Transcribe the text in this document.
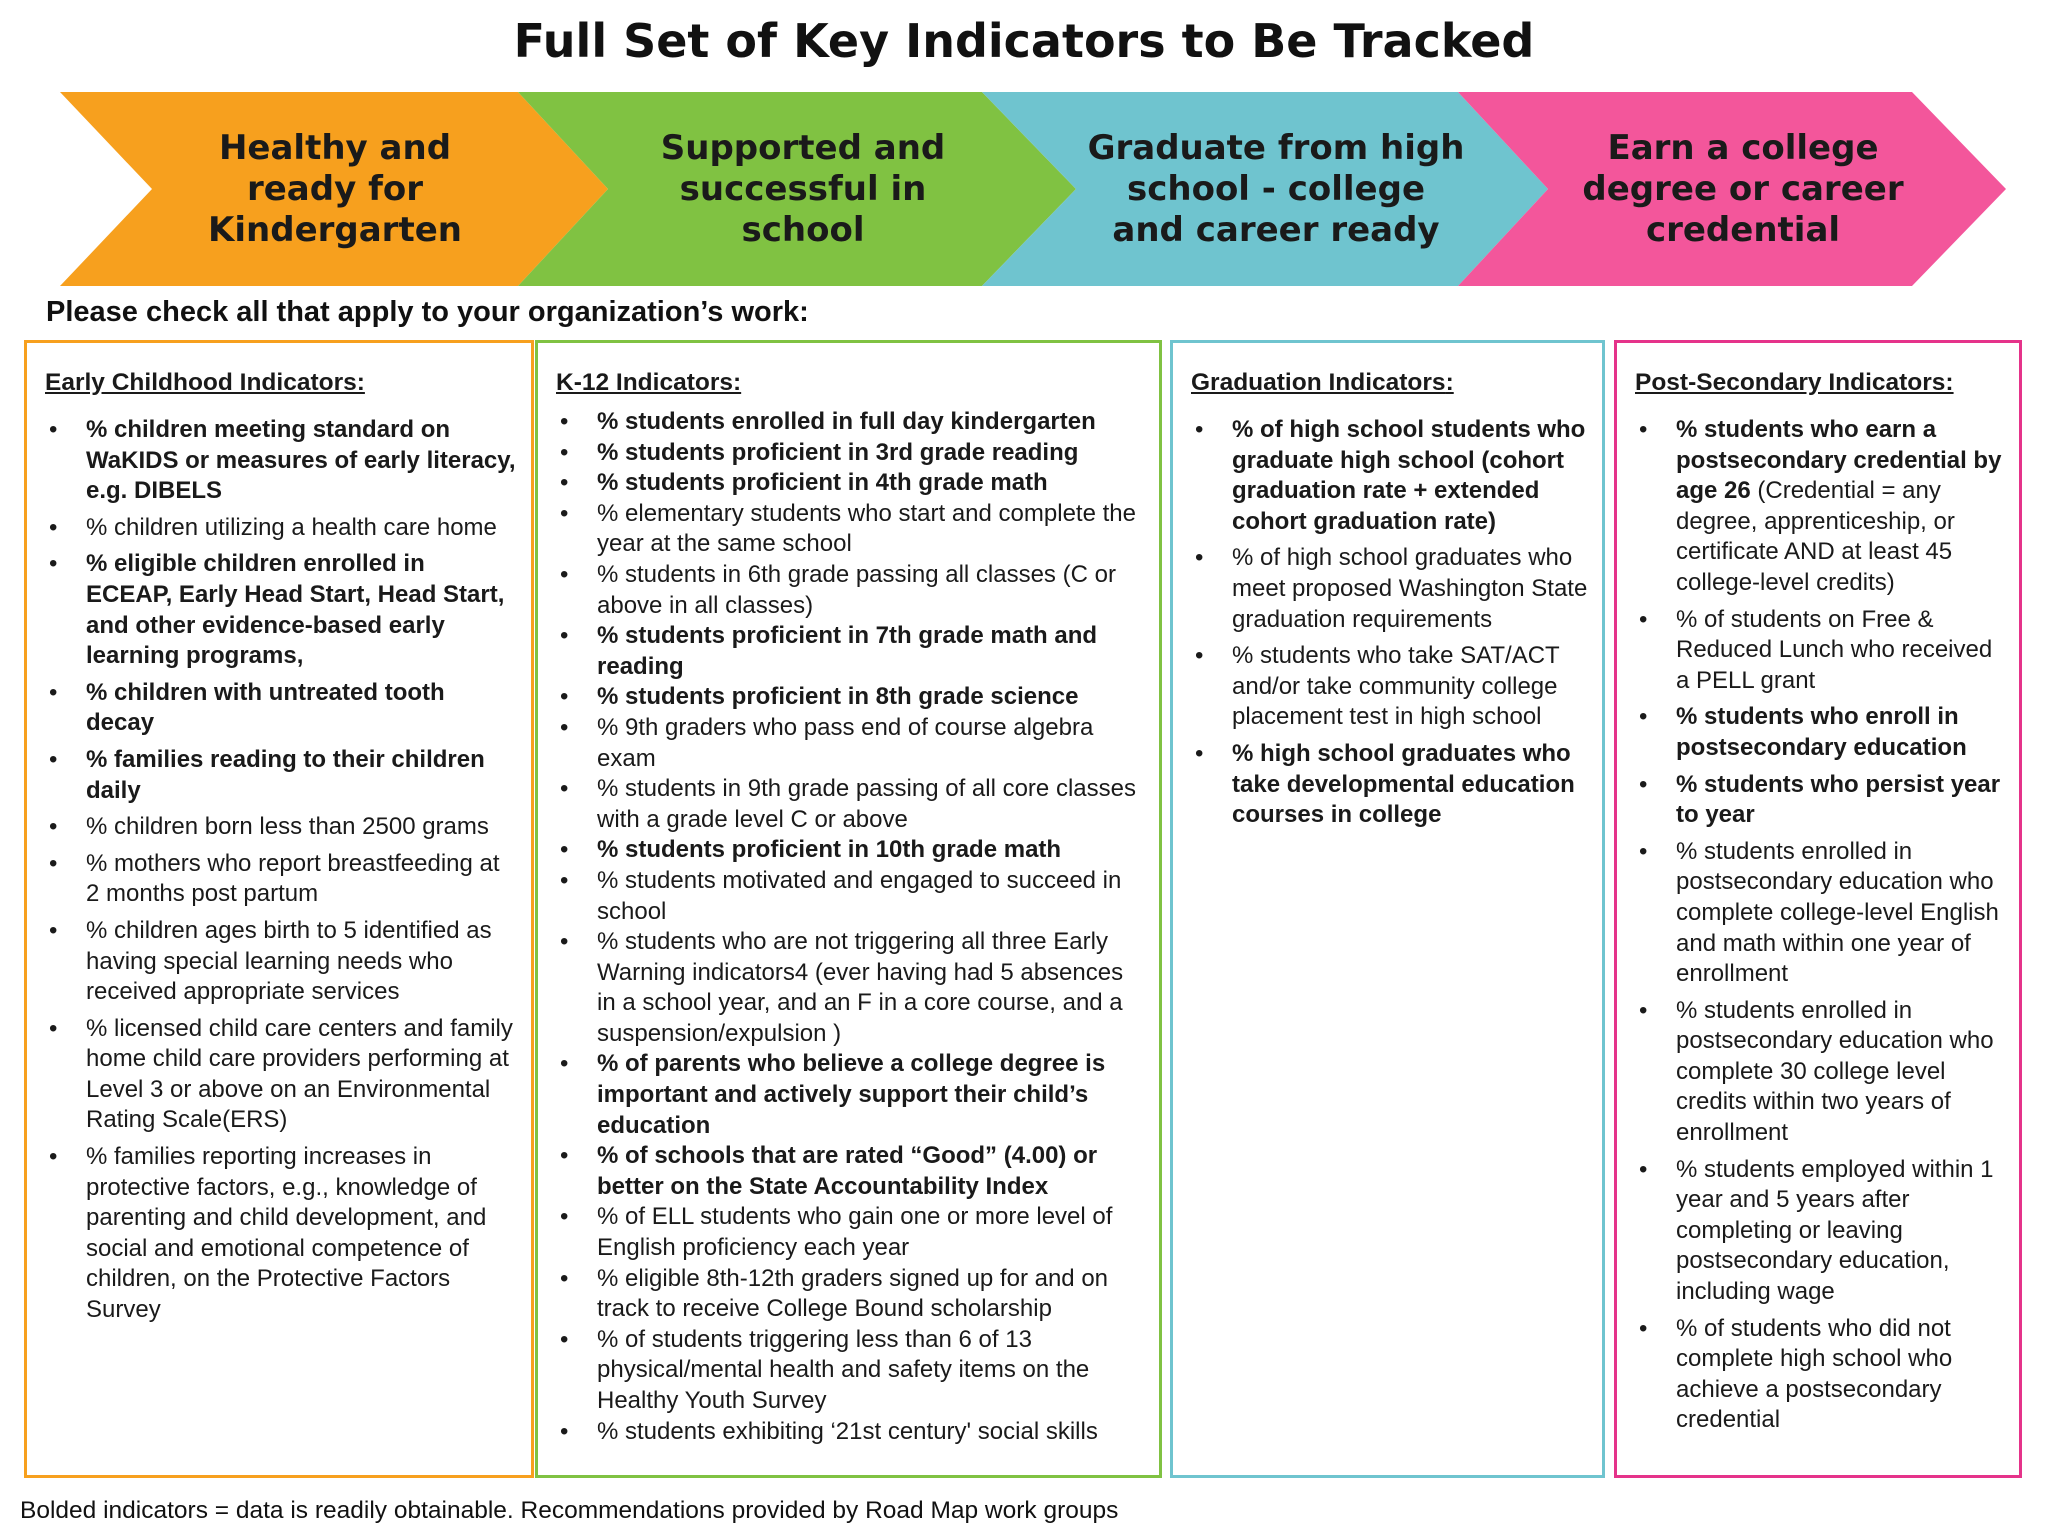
Full Set of Key Indicators to Be Tracked
Healthy and
ready for
Kindergarten
Supported and
successful in
school
Graduate from high
school - college
and career ready
Earn a college
degree or career
credential
Please check all that apply to your organization’s work:
Early Childhood Indicators:
• % children meeting standard on WaKIDS or measures of early literacy, e.g. DIBELS
• % children utilizing a health care home
• % eligible children enrolled in ECEAP, Early Head Start, Head Start, and other evidence-based early learning programs,
• % children with untreated tooth decay
• % families reading to their children daily
• % children born less than 2500 grams
• % mothers who report breastfeeding at 2 months post partum
• % children ages birth to 5 identified as having special learning needs who received appropriate services
• % licensed child care centers and family home child care providers performing at Level 3 or above on an Environmental Rating Scale(ERS)
• % families reporting increases in protective factors, e.g., knowledge of parenting and child development, and social and emotional competence of children, on the Protective Factors Survey
K-12 Indicators:
• % students enrolled in full day kindergarten
• % students proficient in 3rd grade reading
• % students proficient in 4th grade math
• % elementary students who start and complete the year at the same school
• % students in 6th grade passing all classes (C or above in all classes)
• % students proficient in 7th grade math and reading
• % students proficient in 8th grade science
• % 9th graders who pass end of course algebra exam
• % students in 9th grade passing of all core classes with a grade level C or above
• % students proficient in 10th grade math
• % students motivated and engaged to succeed in school
• % students who are not triggering all three Early Warning indicators4 (ever having had 5 absences in a school year, and an F in a core course, and a suspension/expulsion )
• % of parents who believe a college degree is important and actively support their child’s education
• % of schools that are rated “Good” (4.00) or better on the State Accountability Index
• % of ELL students who gain one or more level of English proficiency each year
• % eligible 8th-12th graders signed up for and on track to receive College Bound scholarship
• % of students triggering less than 6 of 13 physical/mental health and safety items on the Healthy Youth Survey
• % students exhibiting ‘21st century' social skills
Graduation Indicators:
• % of high school students who graduate high school (cohort graduation rate + extended cohort graduation rate)
• % of high school graduates who meet proposed Washington State graduation requirements
• % students who take SAT/ACT and/or take community college placement test in high school
• % high school graduates who take developmental education courses in college
Post-Secondary Indicators:
• % students who earn a postsecondary credential by age 26 (Credential = any degree, apprenticeship, or certificate AND at least 45 college-level credits)
• % of students on Free & Reduced Lunch who received a PELL grant
• % students who enroll in postsecondary education
• % students who persist year to year
• % students enrolled in postsecondary education who complete college-level English and math within one year of enrollment
• % students enrolled in postsecondary education who complete 30 college level credits within two years of enrollment
• % students employed within 1 year and 5 years after completing or leaving postsecondary education, including wage
• % of students who did not complete high school who achieve a postsecondary credential
Bolded indicators = data is readily obtainable. Recommendations provided by Road Map work groups
